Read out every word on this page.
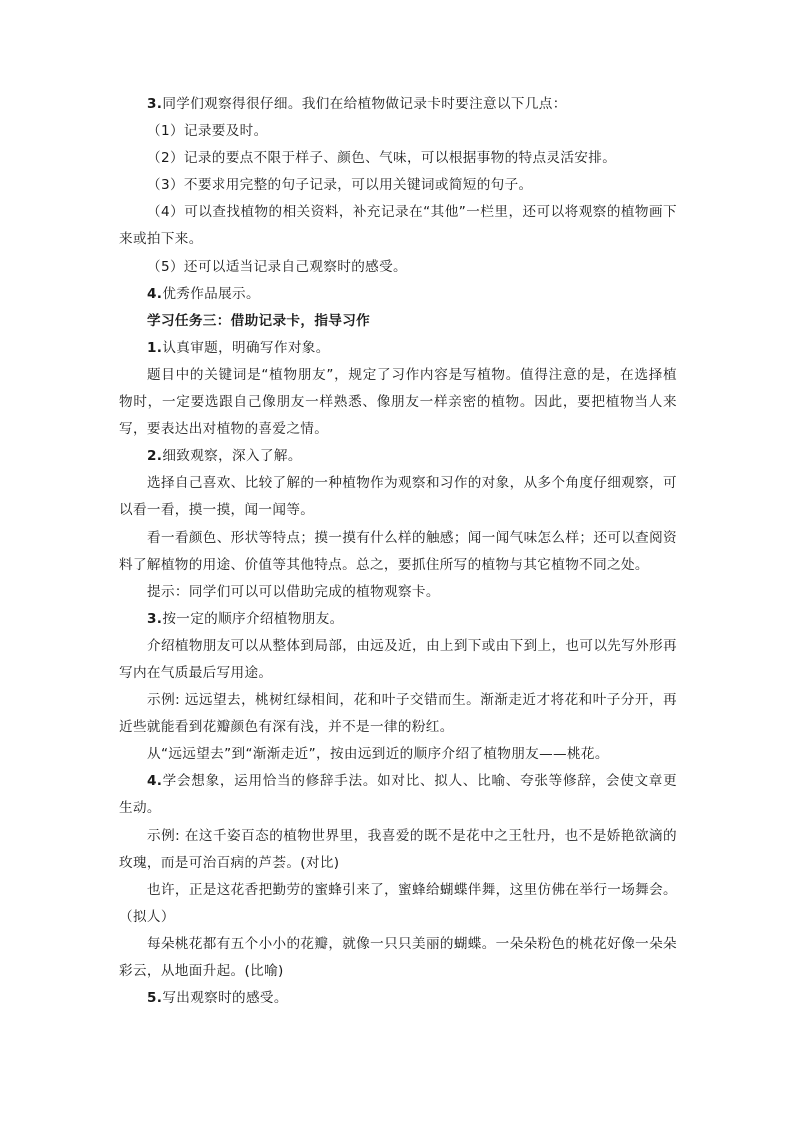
3.同学们观察得很仔细。我们在给植物做记录卡时要注意以下几点：

（1）记录要及时。

（2）记录的要点不限于样子、颜色、气味，可以根据事物的特点灵活安排。

（3）不要求用完整的句子记录，可以用关键词或简短的句子。

（4）可以查找植物的相关资料，补充记录在“其他”一栏里，还可以将观察的植物画下来或拍下来。

（5）还可以适当记录自己观察时的感受。

4.优秀作品展示。

学习任务三：借助记录卡，指导习作

1.认真审题，明确写作对象。

题目中的关键词是“植物朋友”，规定了习作内容是写植物。值得注意的是，在选择植物时，一定要选跟自己像朋友一样熟悉、像朋友一样亲密的植物。因此，要把植物当人来写，要表达出对植物的喜爱之情。

2.细致观察，深入了解。

选择自己喜欢、比较了解的一种植物作为观察和习作的对象，从多个角度仔细观察，可以看一看，摸一摸，闻一闻等。

看一看颜色、形状等特点；摸一摸有什么样的触感；闻一闻气味怎么样；还可以查阅资料了解植物的用途、价值等其他特点。总之，要抓住所写的植物与其它植物不同之处。

提示：同学们可以可以借助完成的植物观察卡。

3.按一定的顺序介绍植物朋友。

介绍植物朋友可以从整体到局部，由远及近，由上到下或由下到上，也可以先写外形再写内在气质最后写用途。

示例: 远远望去，桃树红绿相间，花和叶子交错而生。渐渐走近才将花和叶子分开，再近些就能看到花瓣颜色有深有浅，并不是一律的粉红。

从“远远望去”到“渐渐走近”，按由远到近的顺序介绍了植物朋友——桃花。

4.学会想象，运用恰当的修辞手法。如对比、拟人、比喻、夸张等修辞，会使文章更生动。

示例: 在这千姿百态的植物世界里，我喜爱的既不是花中之王牡丹，也不是娇艳欲滴的玫瑰，而是可治百病的芦荟。(对比)

也许，正是这花香把勤劳的蜜蜂引来了，蜜蜂给蝴蝶伴舞，这里仿佛在举行一场舞会。（拟人）

每朵桃花都有五个小小的花瓣，就像一只只美丽的蝴蝶。一朵朵粉色的桃花好像一朵朵彩云，从地面升起。(比喻)

5.写出观察时的感受。
